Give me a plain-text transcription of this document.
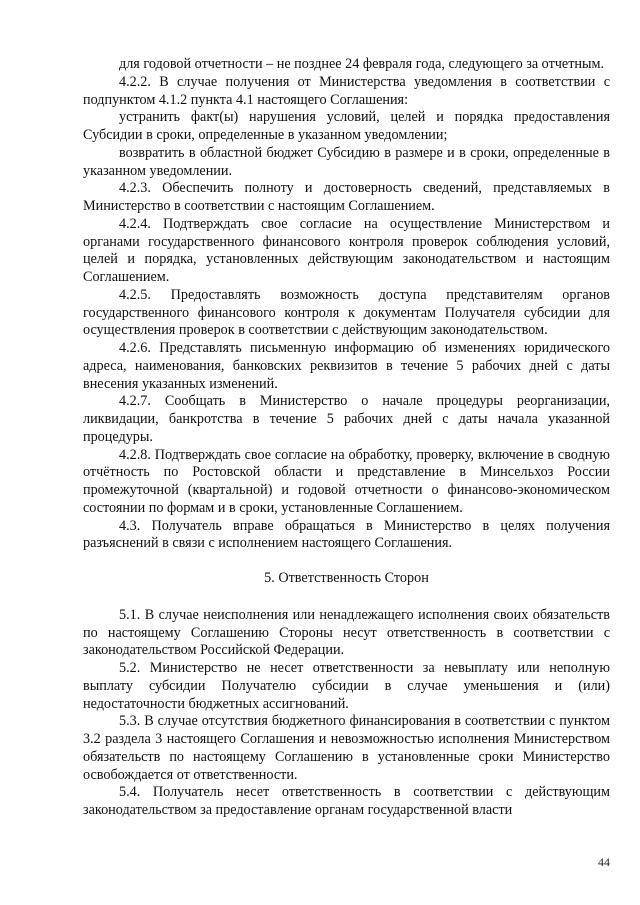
для годовой отчетности – не позднее 24 февраля года, следующего за отчетным.

4.2.2. В случае получения от Министерства уведомления в соответствии с подпунктом 4.1.2 пункта 4.1 настоящего Соглашения:

устранить факт(ы) нарушения условий, целей и порядка предоставления Субсидии в сроки, определенные в указанном уведомлении;

возвратить в областной бюджет Субсидию в размере и в сроки, определенные в указанном уведомлении.

4.2.3. Обеспечить полноту и достоверность сведений, представляемых в Министерство в соответствии с настоящим Соглашением.

4.2.4. Подтверждать свое согласие на осуществление Министерством и органами государственного финансового контроля проверок соблюдения условий, целей и порядка, установленных действующим законодательством и настоящим Соглашением.

4.2.5. Предоставлять возможность доступа представителям органов государственного финансового контроля к документам Получателя субсидии для осуществления проверок в соответствии с действующим законодательством.

4.2.6. Представлять письменную информацию об изменениях юридического адреса, наименования, банковских реквизитов в течение 5 рабочих дней с даты внесения указанных изменений.

4.2.7. Сообщать в Министерство о начале процедуры реорганизации, ликвидации, банкротства в течение 5 рабочих дней с даты начала указанной процедуры.

4.2.8. Подтверждать свое согласие на обработку, проверку, включение в сводную отчётность по Ростовской области и представление в Минсельхоз России промежуточной (квартальной) и годовой отчетности о финансово-экономическом состоянии по формам и в сроки, установленные Соглашением.

4.3. Получатель вправе обращаться в Министерство в целях получения разъяснений в связи с исполнением настоящего Соглашения.

5. Ответственность Сторон

5.1. В случае неисполнения или ненадлежащего исполнения своих обязательств по настоящему Соглашению Стороны несут ответственность в соответствии с законодательством Российской Федерации.

5.2. Министерство не несет ответственности за невыплату или неполную выплату субсидии Получателю субсидии в случае уменьшения и (или) недостаточности бюджетных ассигнований.

5.3. В случае отсутствия бюджетного финансирования в соответствии с пунктом 3.2 раздела 3 настоящего Соглашения и невозможностью исполнения Министерством обязательств по настоящему Соглашению в установленные сроки Министерство освобождается от ответственности.

5.4. Получатель несет ответственность в соответствии с действующим законодательством за предоставление органам государственной власти

44
